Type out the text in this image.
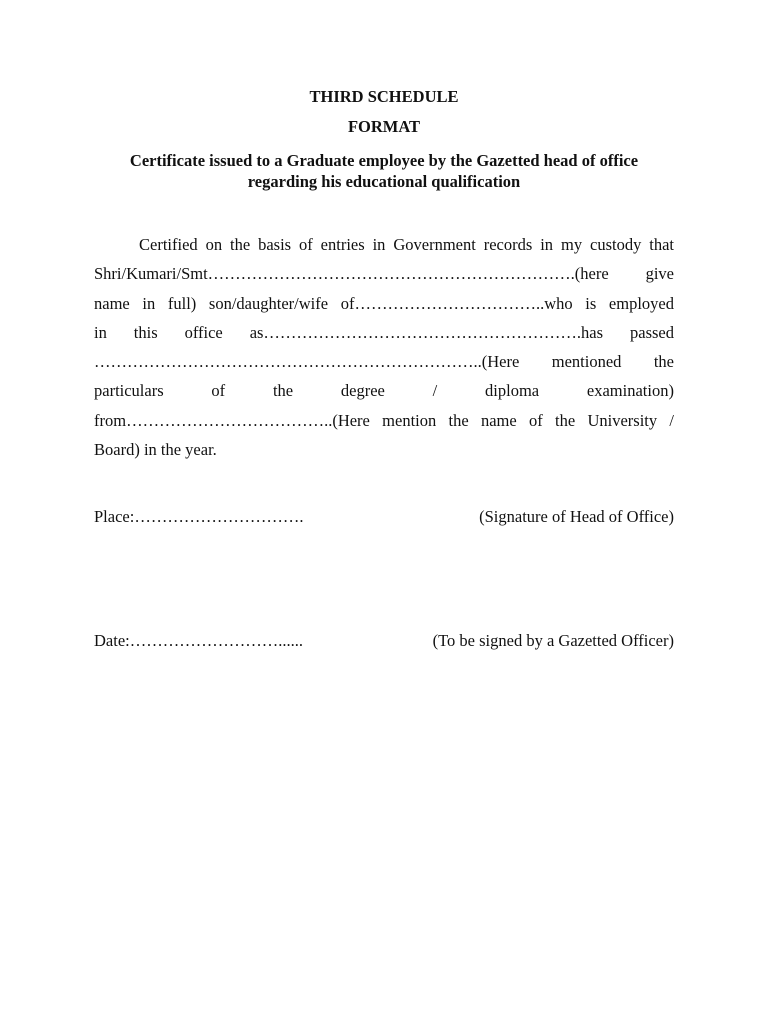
THIRD SCHEDULE
FORMAT
Certificate issued to a Graduate employee by the Gazetted head of office regarding his educational qualification
Certified on the basis of entries in Government records in my custody that
Shri/Kumari/Smt………………………………………………………….(here give
name in full) son/daughter/wife of……………………………..who is employed
in this office as………………………………………………….has passed
……………………………………………………………..(Here mentioned the
particulars	of	the	degree	/	diploma	examination)
from………………………………..(Here mention the name of the University /
Board) in the year.
Place:………………………….	(Signature of Head of Office)
Date:………………………......	(To be signed by a Gazetted Officer)
